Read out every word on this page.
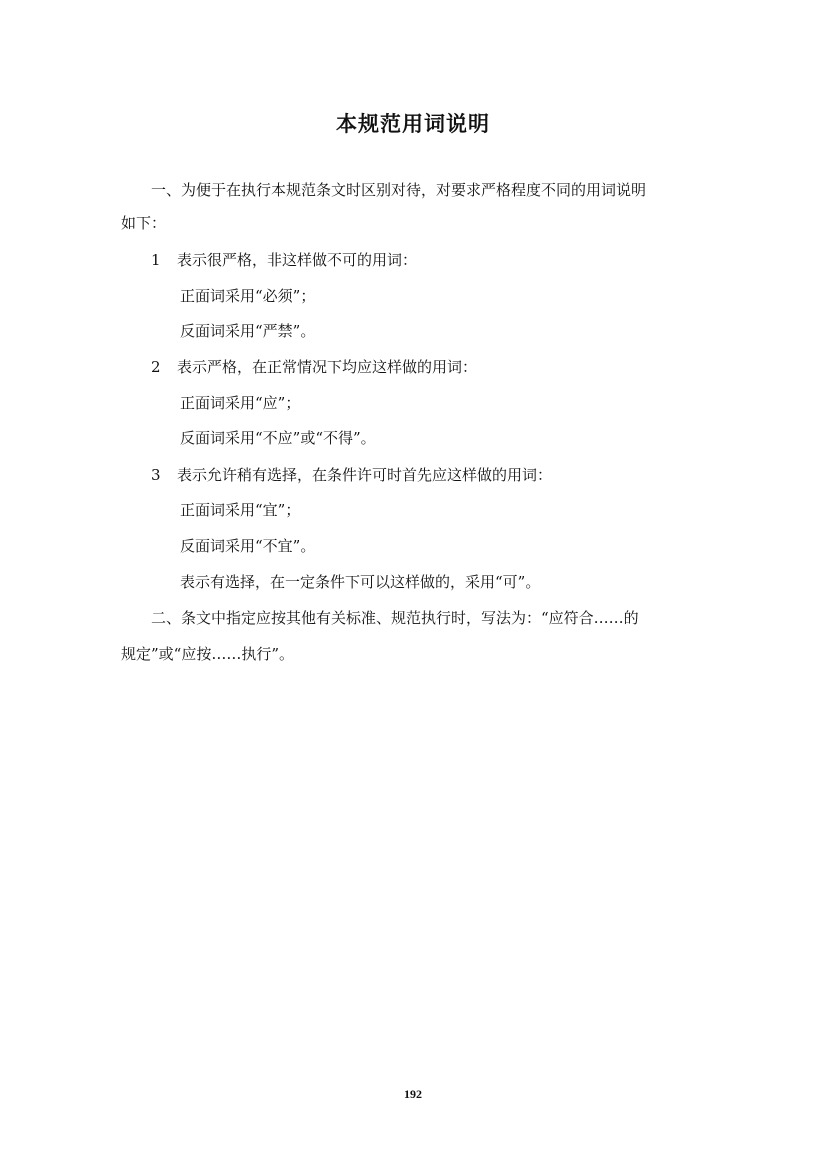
本规范用词说明
一、为便于在执行本规范条文时区别对待，对要求严格程度不同的用词说明
如下：
1 表示很严格，非这样做不可的用词：
正面词采用“必须”；
反面词采用“严禁”。
2 表示严格，在正常情况下均应这样做的用词：
正面词采用“应”；
反面词采用“不应”或“不得”。
3 表示允许稍有选择，在条件许可时首先应这样做的用词：
正面词采用“宜”；
反面词采用“不宜”。
表示有选择，在一定条件下可以这样做的，采用“可”。
二、条文中指定应按其他有关标准、规范执行时，写法为：“应符合……的
规定”或“应按……执行”。
192
